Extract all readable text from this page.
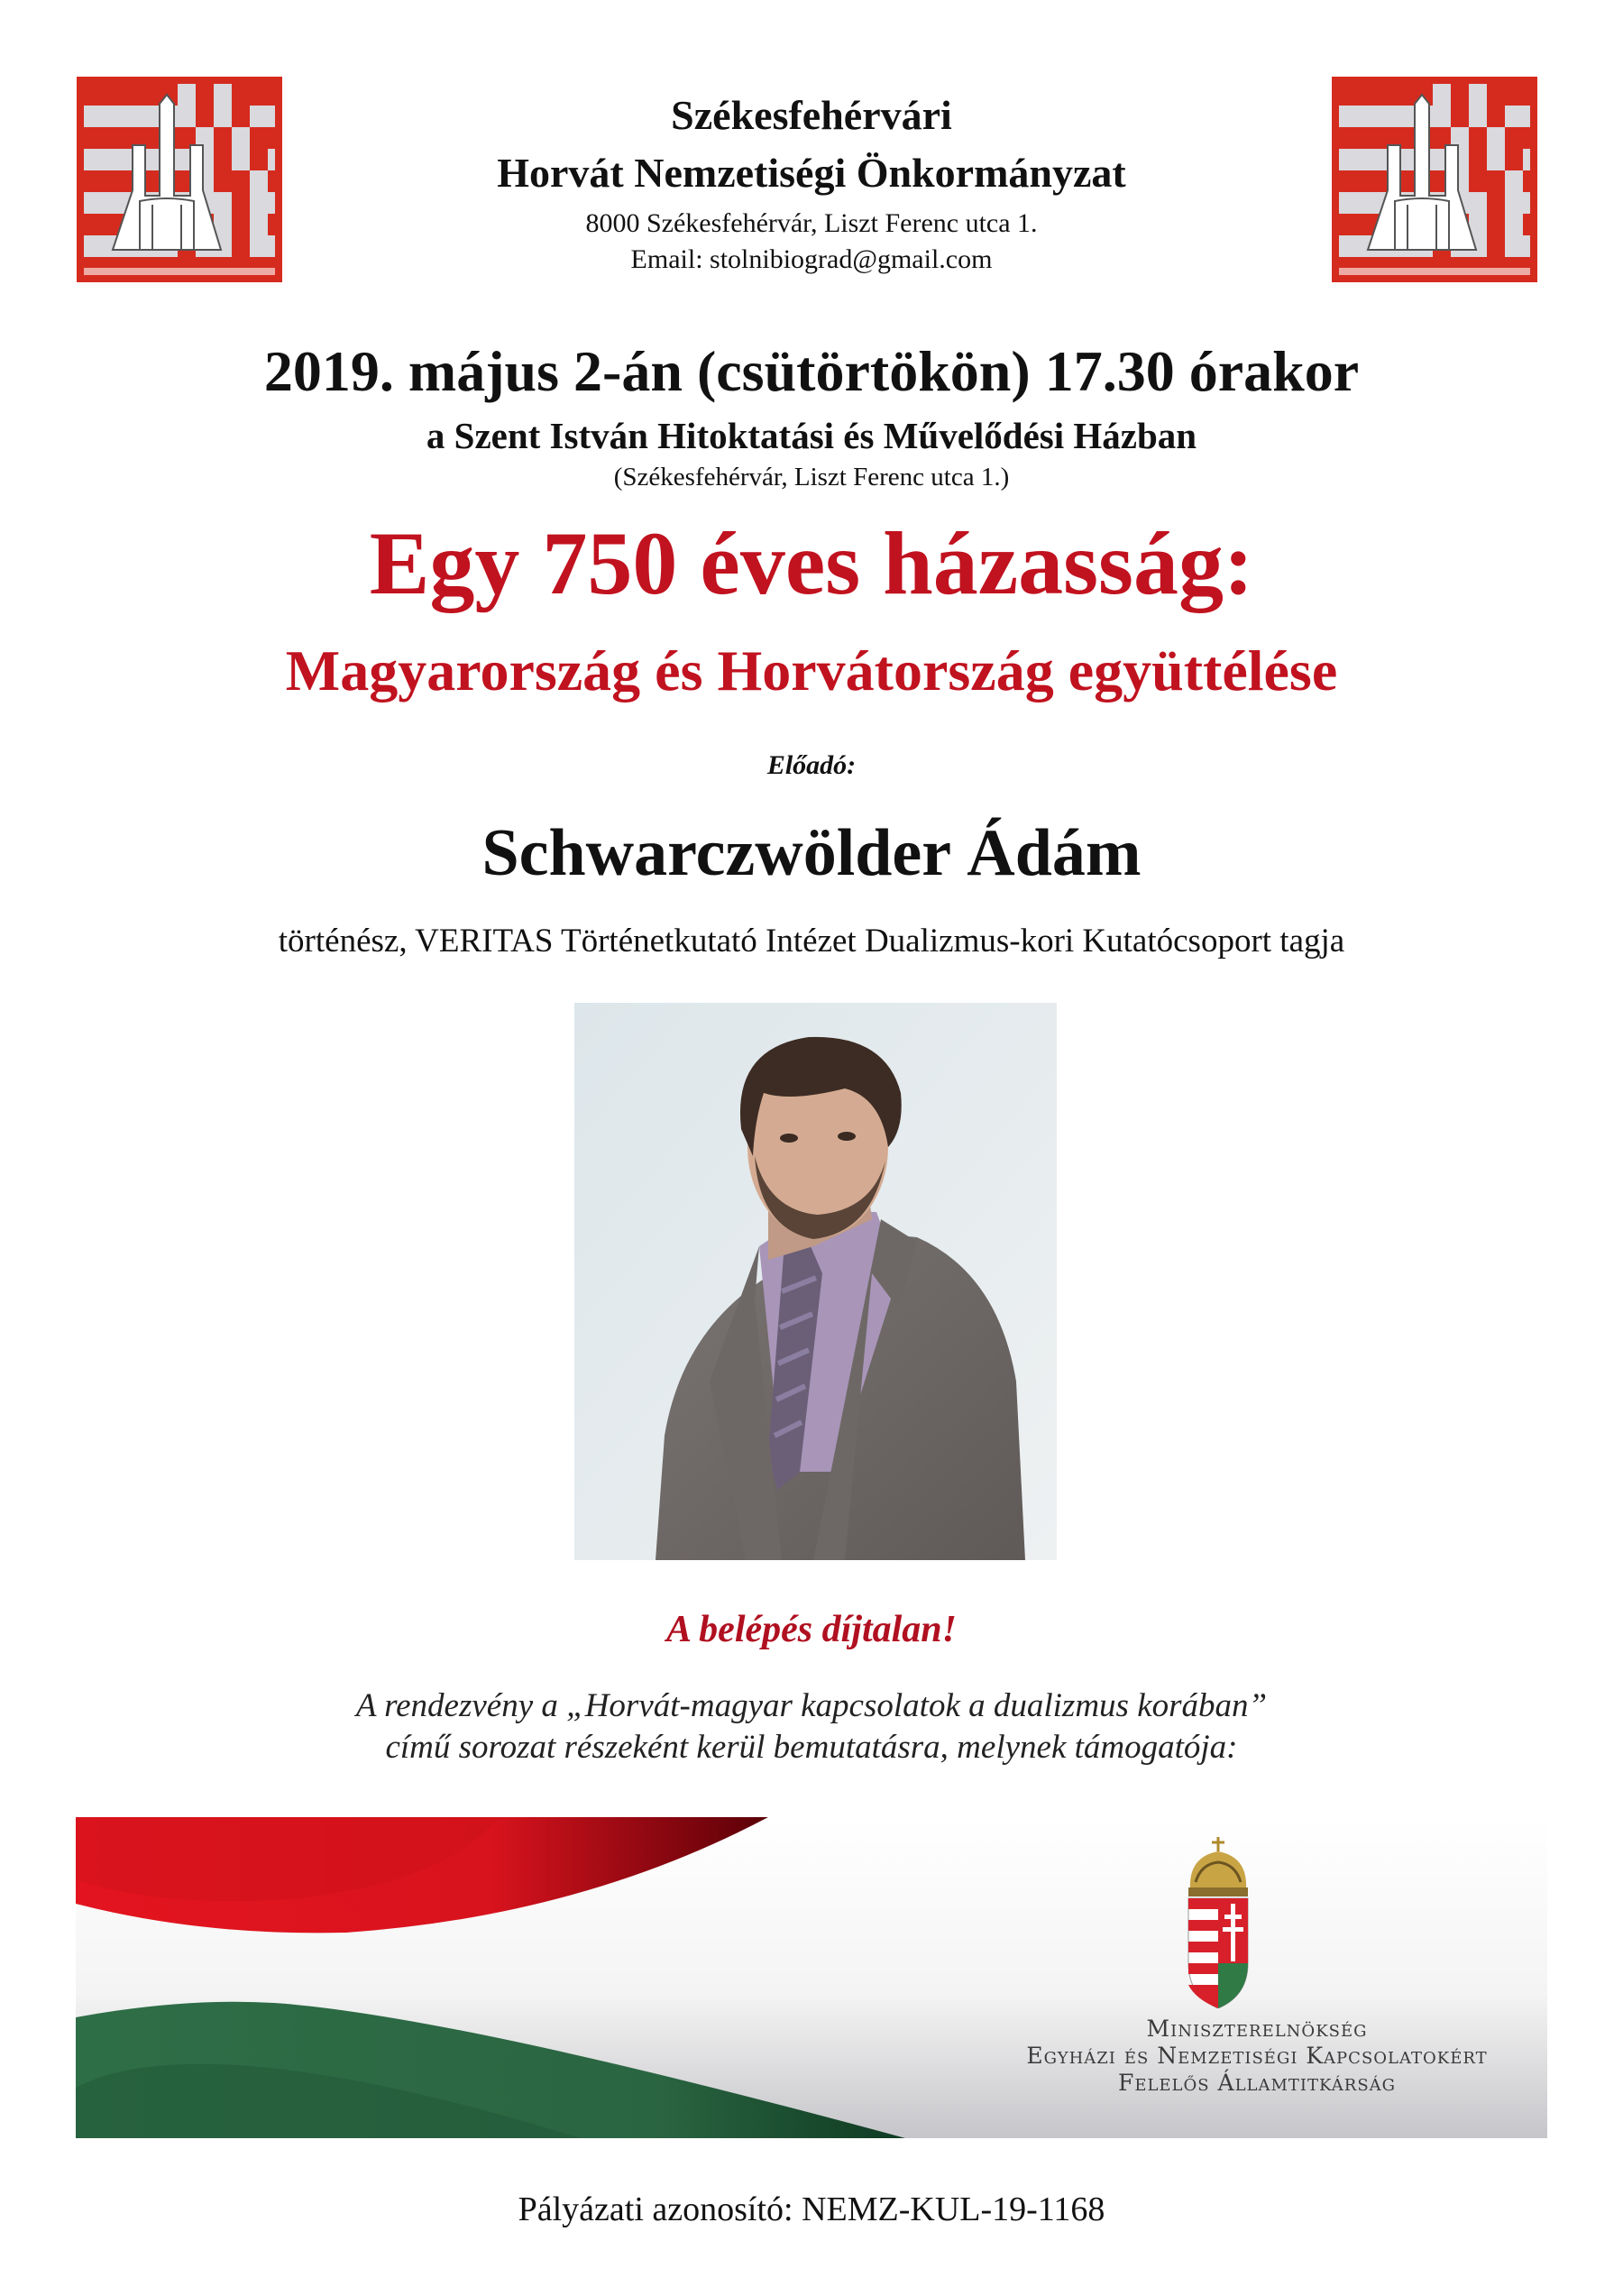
Székesfehérvári
Horvát Nemzetiségi Önkormányzat
8000 Székesfehérvár, Liszt Ferenc utca 1.
Email: stolnibiograd@gmail.com
2019. május 2-án (csütörtökön) 17.30 órakor
a Szent István Hitoktatási és Művelődési Házban
(Székesfehérvár, Liszt Ferenc utca 1.)
Egy 750 éves házasság:
Magyarország és Horvátország együttélése
Előadó:
Schwarczwölder Ádám
történész, VERITAS Történetkutató Intézet Dualizmus-kori Kutatócsoport tagja
A belépés díjtalan!
A rendezvény a „Horvát-magyar kapcsolatok a dualizmus korában”
című sorozat részeként kerül bemutatásra, melynek támogatója:
Miniszterelnökség
Egyházi és Nemzetiségi Kapcsolatokért
Felelős Államtitkárság
Pályázati azonosító: NEMZ-KUL-19-1168
